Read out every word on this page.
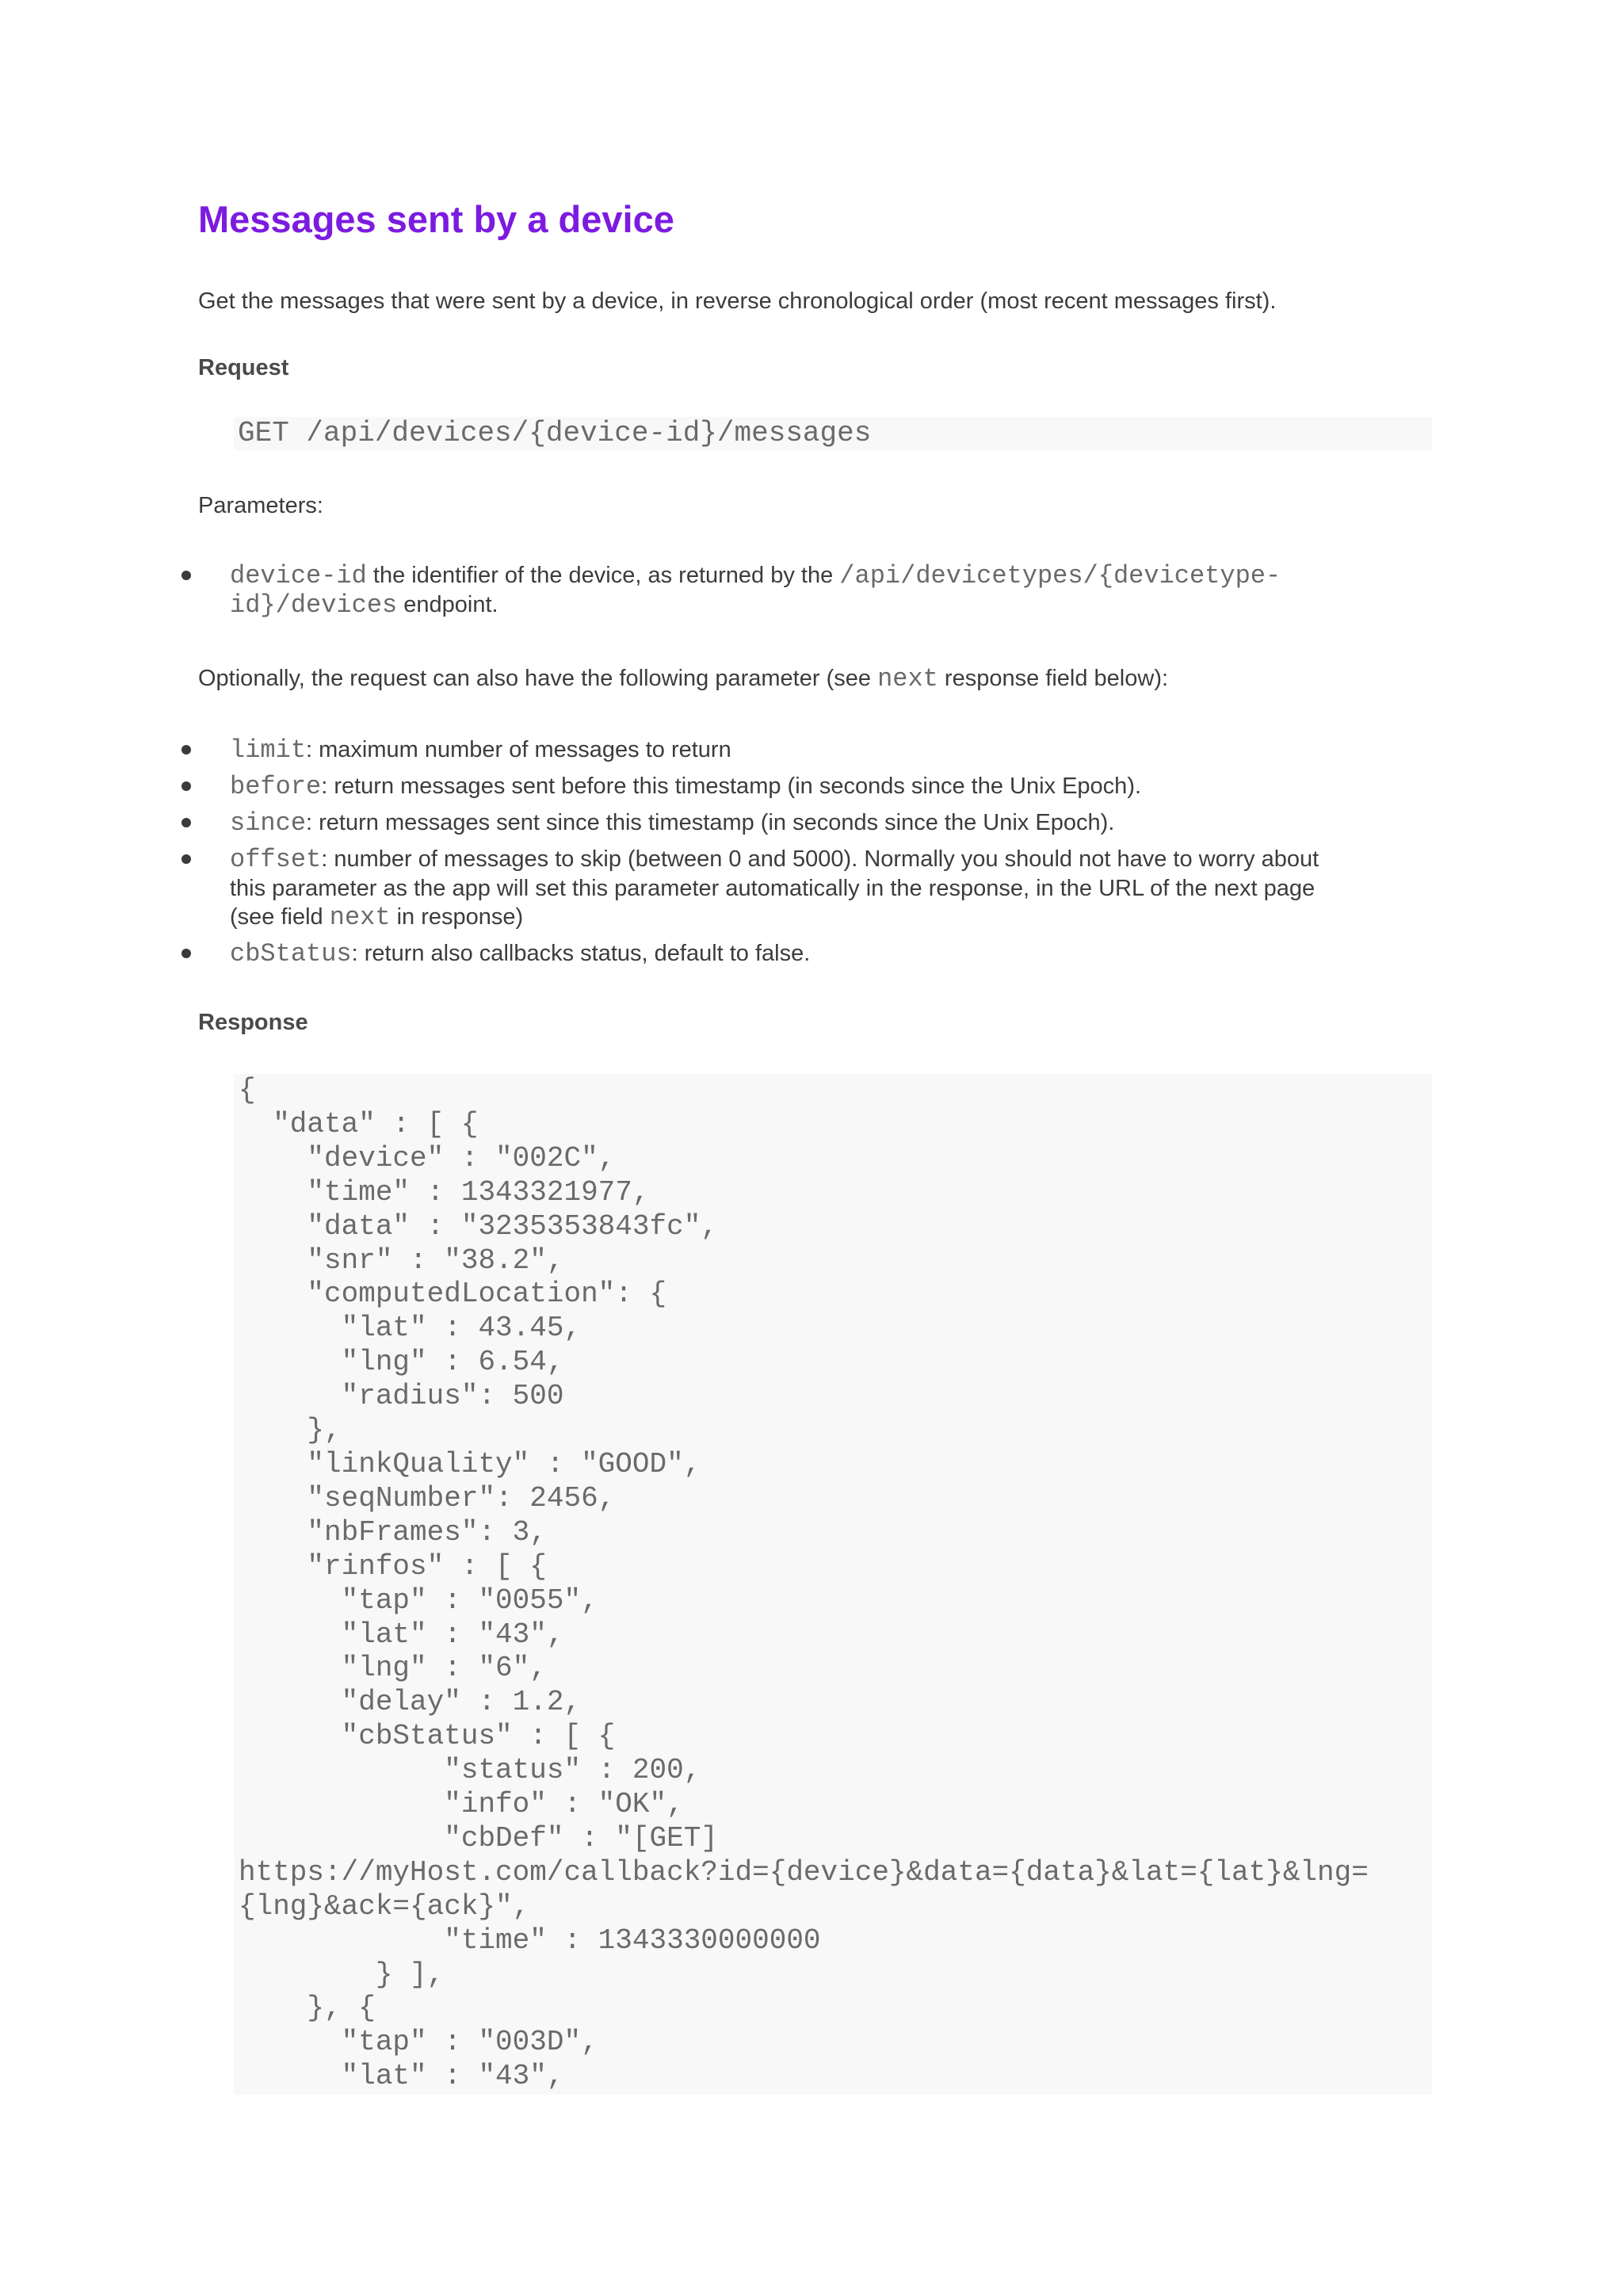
Messages sent by a device

Get the messages that were sent by a device, in reverse chronological order (most recent messages first).

Request

GET /api/devices/{device-id}/messages

Parameters:

device-id the identifier of the device, as returned by the /api/devicetypes/{devicetype-
id}/devices endpoint.

Optionally, the request can also have the following parameter (see next response field below):

limit: maximum number of messages to return
before: return messages sent before this timestamp (in seconds since the Unix Epoch).
since: return messages sent since this timestamp (in seconds since the Unix Epoch).
offset: number of messages to skip (between 0 and 5000). Normally you should not have to worry about
this parameter as the app will set this parameter automatically in the response, in the URL of the next page
(see field next in response)
cbStatus: return also callbacks status, default to false.

Response

{
"data" : [ {
"device" : "002C",
"time" : 1343321977,
"data" : "3235353843fc",
"snr" : "38.2",
"computedLocation": {
"lat" : 43.45,
"lng" : 6.54,
"radius": 500
},
"linkQuality" : "GOOD",
"seqNumber": 2456,
"nbFrames": 3,
"rinfos" : [ {
"tap" : "0055",
"lat" : "43",
"lng" : "6",
"delay" : 1.2,
"cbStatus" : [ {
"status" : 200,
"info" : "OK",
"cbDef" : "[GET]
https://myHost.com/callback?id={device}&data={data}&lat={lat}&lng=
{lng}&ack={ack}",
"time" : 1343330000000
} ],
}, {
"tap" : "003D",
"lat" : "43",
